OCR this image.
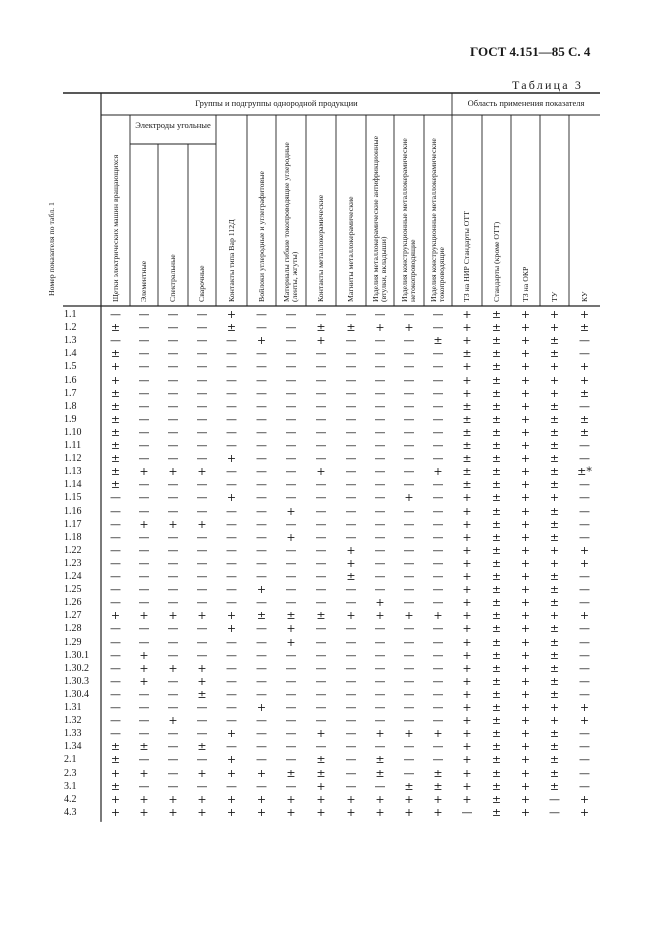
ГОСТ 4.151—85 С. 4
Таблица 3
Группы и подгруппы однородной продукции	Область применения показателя
Электроды угольные
Номер показателя по табл. 1	Щетки электрических машин вращающихся	Элементные	Спектральные	Сварочные	Контакты типа Вар 112Д	Войлоки углеродные и углеграфитовые	Материалы гибкие токопроводящие углеродные (ленты, жгуты)	Контакты металлокерамические	Магниты металлокерамические	Изделия металлокерамические антифрикционные (втулки, вкладыши)	Изделия конструкционные металлокерамические нетокопроводящие	Изделия конструкционные металлокерамические токопроводящие	ТЗ на НИР Стандарты ОТТ	Стандарты (кроме ОТТ)	ТЗ на ОКР	ТУ	КУ
1.1	—	—	—	—	+	—	—	—	—	—	—	—	+	±	+	+	+
1.2	±	—	—	—	±	—	—	±	±	+	+	—	+	±	+	+	±
1.3	—	—	—	—	—	+	—	+	—	—	—	±	+	±	+	±	—
1.4	±	—	—	—	—	—	—	—	—	—	—	—	±	±	+	±	—
1.5	+	—	—	—	—	—	—	—	—	—	—	—	+	±	+	+	+
1.6	+	—	—	—	—	—	—	—	—	—	—	—	+	±	+	+	+
1.7	±	—	—	—	—	—	—	—	—	—	—	—	+	±	+	+	±
1.8	±	—	—	—	—	—	—	—	—	—	—	—	±	±	+	±	—
1.9	±	—	—	—	—	—	—	—	—	—	—	—	±	±	+	±	±
1.10	±	—	—	—	—	—	—	—	—	—	—	—	±	±	+	±	±
1.11	±	—	—	—	—	—	—	—	—	—	—	—	±	±	+	±	—
1.12	±	—	—	—	+	—	—	—	—	—	—	—	±	±	+	±	—
1.13	±	+	+	+	—	—	—	+	—	—	—	+	±	±	+	±	±*
1.14	±	—	—	—	—	—	—	—	—	—	—	—	±	±	+	±	—
1.15	—	—	—	—	+	—	—	—	—	—	+	—	+	±	+	+	—
1.16	—	—	—	—	—	—	+	—	—	—	—	—	+	±	+	±	—
1.17	—	+	+	+	—	—	—	—	—	—	—	—	+	±	+	±	—
1.18	—	—	—	—	—	—	+	—	—	—	—	—	+	±	+	±	—
1.22	—	—	—	—	—	—	—	—	+	—	—	—	+	±	+	+	+
1.23	—	—	—	—	—	—	—	—	+	—	—	—	+	±	+	+	+
1.24	—	—	—	—	—	—	—	—	±	—	—	—	+	±	+	±	—
1.25	—	—	—	—	—	+	—	—	—	—	—	—	+	±	+	±	—
1.26	—	—	—	—	—	—	—	—	—	+	—	—	+	±	+	±	—
1.27	+	+	+	+	+	±	±	±	+	+	+	+	+	±	+	+	+
1.28	—	—	—	—	+	—	+	—	—	—	—	—	+	±	+	±	—
1.29	—	—	—	—	—	—	+	—	—	—	—	—	+	±	+	±	—
1.30.1	—	+	—	—	—	—	—	—	—	—	—	—	+	±	+	±	—
1.30.2	—	+	+	+	—	—	—	—	—	—	—	—	+	±	+	±	—
1.30.3	—	+	—	+	—	—	—	—	—	—	—	—	+	±	+	±	—
1.30.4	—	—	—	±	—	—	—	—	—	—	—	—	+	±	+	±	—
1.31	—	—	—	—	—	+	—	—	—	—	—	—	+	±	+	+	+
1.32	—	—	+	—	—	—	—	—	—	—	—	—	+	±	+	+	+
1.33	—	—	—	—	+	—	—	+	—	+	+	+	+	±	+	±	—
1.34	±	±	—	±	—	—	—	—	—	—	—	—	+	±	+	±	—
2.1	±	—	—	—	+	—	—	±	—	±	—	—	+	±	+	±	—
2.3	+	+	—	+	+	+	±	±	—	±	—	±	+	±	+	±	—
3.1	±	—	—	—	—	—	—	+	—	—	±	±	+	±	+	±	—
4.2	+	+	+	+	+	+	+	+	+	+	+	+	+	±	+	—	+
4.3	+	+	+	+	+	+	+	+	+	+	+	+	—	±	+	—	+
